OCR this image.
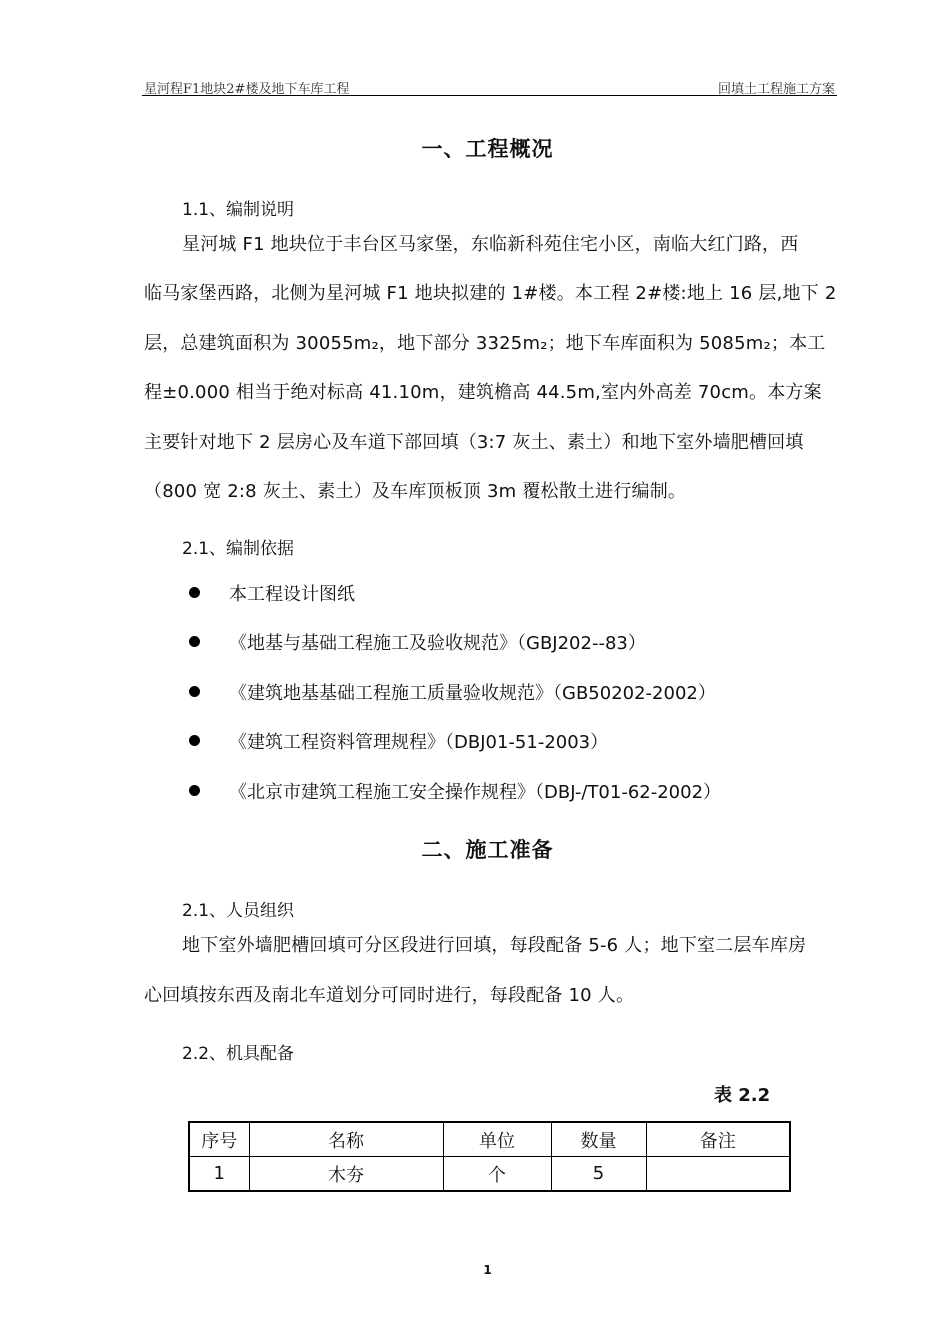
星河程F1地块2#楼及地下车库工程	回填土工程施工方案
一、工程概况
1.1、编制说明
星河城 F1 地块位于丰台区马家堡，东临新科苑住宅小区，南临大红门路，西
临马家堡西路，北侧为星河城 F1 地块拟建的 1#楼。本工程 2#楼:地上 16 层,地下 2
层，总建筑面积为 30055m₂，地下部分 3325m₂；地下车库面积为 5085m₂；本工
程±0.000 相当于绝对标高 41.10m，建筑檐高 44.5m,室内外高差 70cm。本方案
主要针对地下 2 层房心及车道下部回填（3:7 灰土、素土）和地下室外墙肥槽回填
（800 宽 2:8 灰土、素土）及车库顶板顶 3m 覆松散土进行编制。
2.1、编制依据
本工程设计图纸
《地基与基础工程施工及验收规范》（GBJ202--83）
《建筑地基基础工程施工质量验收规范》（GB50202-2002）
《建筑工程资料管理规程》（DBJ01-51-2003）
《北京市建筑工程施工安全操作规程》（DBJ-/T01-62-2002）
二、施工准备
2.1、人员组织
地下室外墙肥槽回填可分区段进行回填，每段配备 5-6 人；地下室二层车库房
心回填按东西及南北车道划分可同时进行，每段配备 10 人。
2.2、机具配备
表 2.2
序号	名称	单位	数量	备注
1	木夯	个	5	
1
